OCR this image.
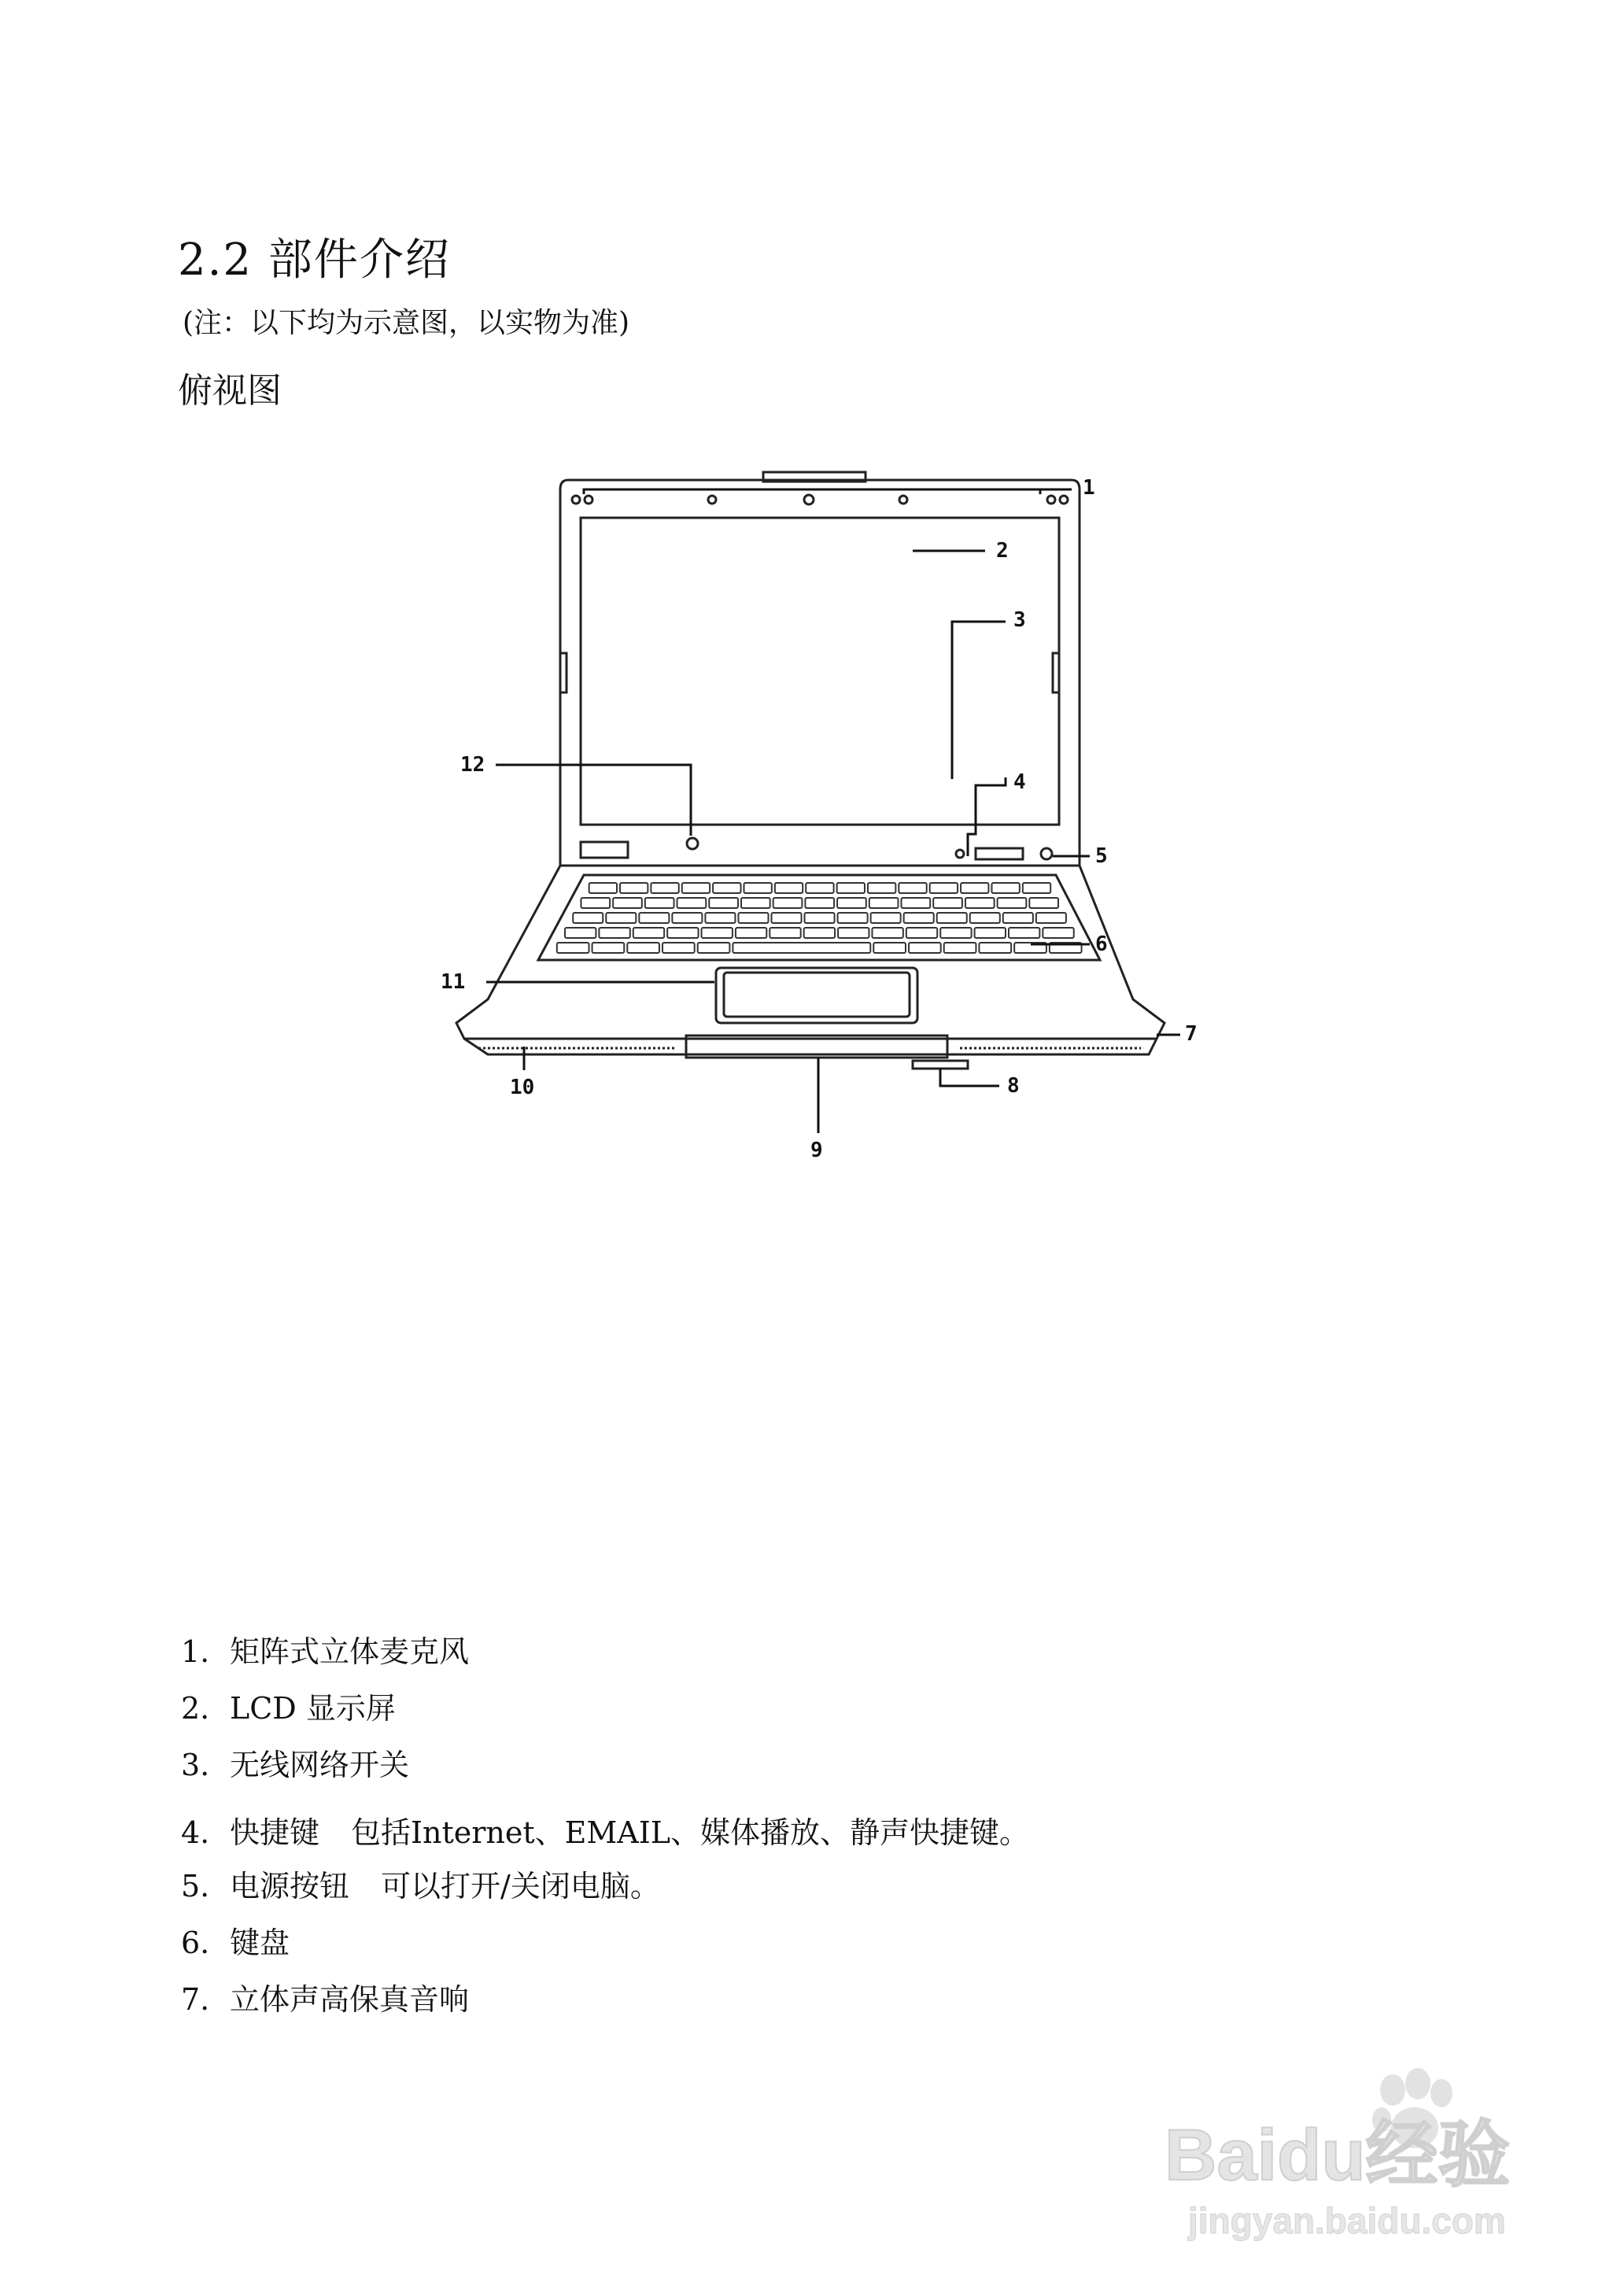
2.2 部件介绍
(注：以下均为示意图，以实物为准)
俯视图
1
2
3
4
5
6
7
8
9
10
11
12
1. 矩阵式立体麦克风
2. LCD 显示屏
3. 无线网络开关
4. 快捷键 包括Internet、EMAIL、媒体播放、静声快捷键。
5. 电源按钮 可以打开/关闭电脑。
6. 键盘
7. 立体声高保真音响
Baidu经验
jingyan.baidu.com
